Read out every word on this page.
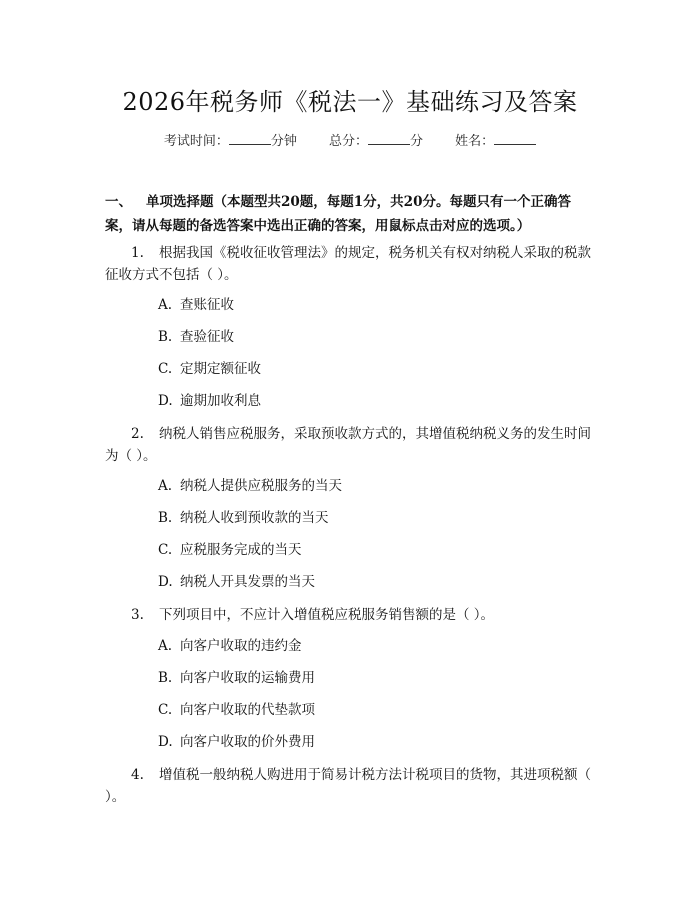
2026年税务师《税法一》基础练习及答案
考试时间：	分钟 总分：	分 姓名：
一、 单项选择题（本题型共20题，每题1分，共20分。每题只有一个正确答案，请从每题的备选答案中选出正确的答案，用鼠标点击对应的选项。）
1. 根据我国《税收征收管理法》的规定，税务机关有权对纳税人采取的税款征收方式不包括（ ）。
A. 查账征收
B. 查验征收
C. 定期定额征收
D. 逾期加收利息
2. 纳税人销售应税服务，采取预收款方式的，其增值税纳税义务的发生时间为（ ）。
A. 纳税人提供应税服务的当天
B. 纳税人收到预收款的当天
C. 应税服务完成的当天
D. 纳税人开具发票的当天
3. 下列项目中，不应计入增值税应税服务销售额的是（ ）。
A. 向客户收取的违约金
B. 向客户收取的运输费用
C. 向客户收取的代垫款项
D. 向客户收取的价外费用
4. 增值税一般纳税人购进用于简易计税方法计税项目的货物，其进项税额（ ）。
